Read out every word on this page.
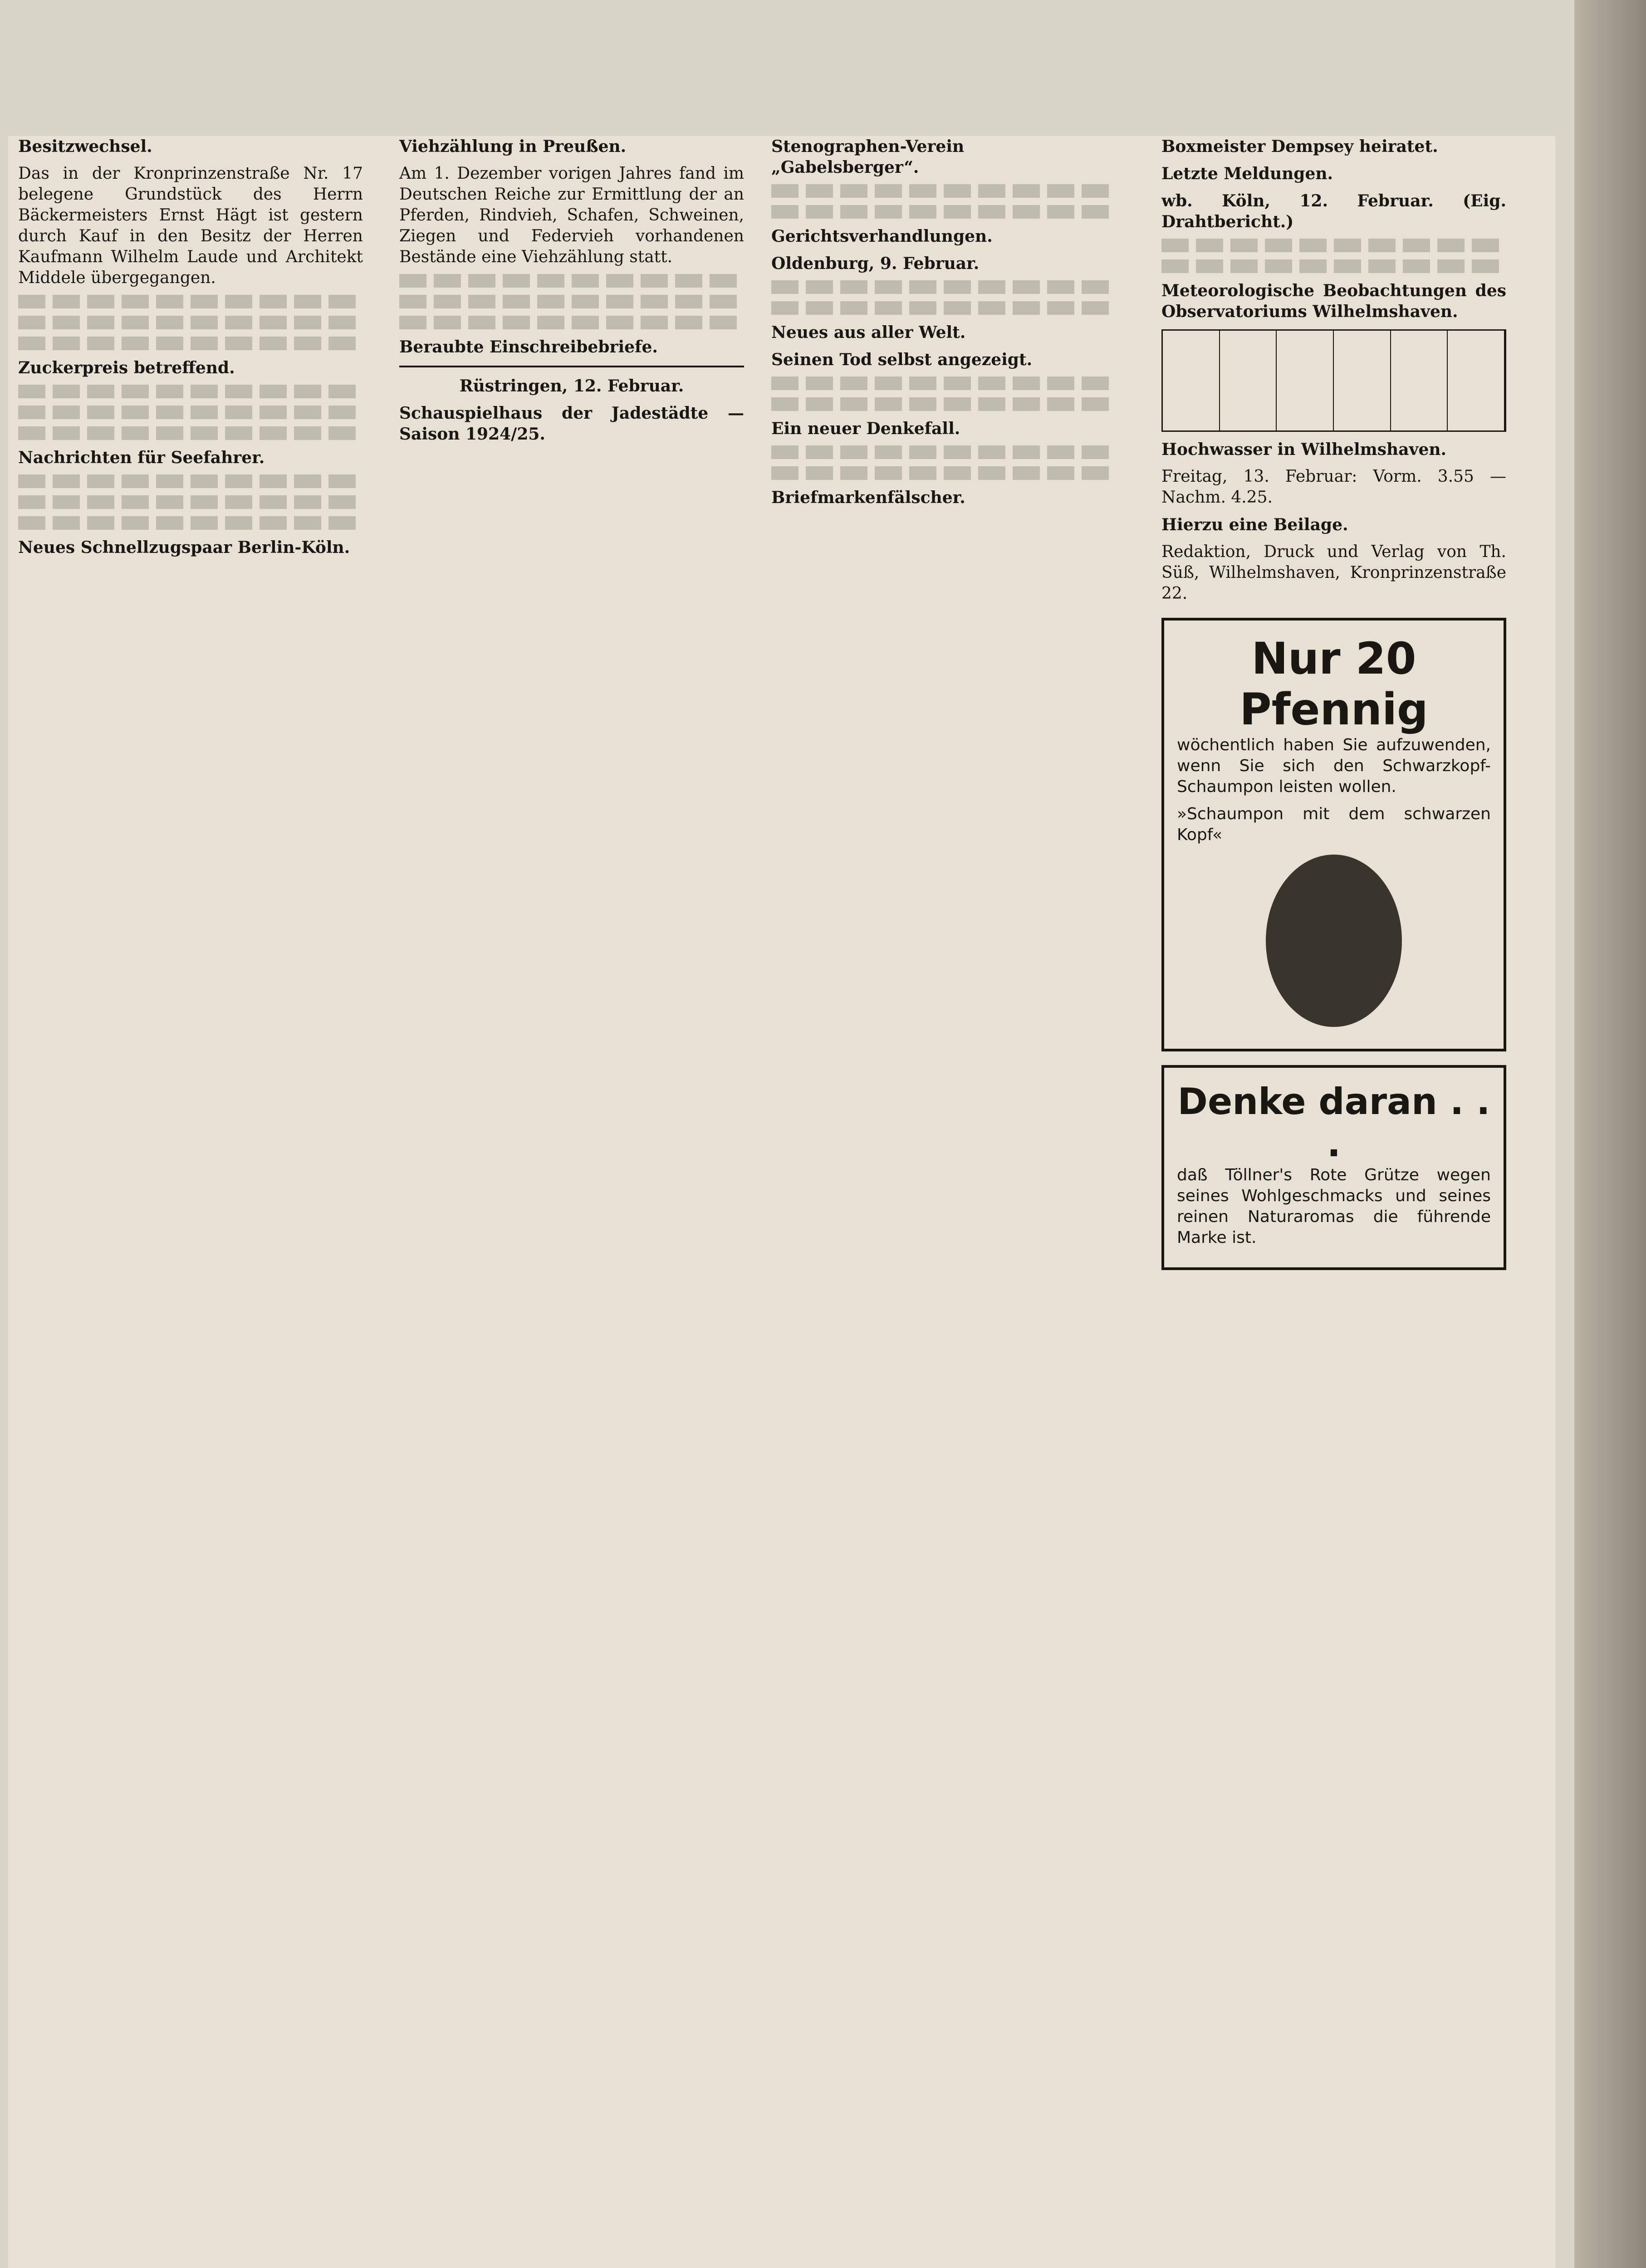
Besitzwechsel.

Das in der Kronprinzenstraße Nr. 17 belegene Grundstück des Herrn Bäckermeisters Ernst Hägt ist gestern durch Kauf in den Besitz der Herren Kaufmann Wilhelm Laude und Architekt Middele übergegangen.

Zuckerpreis betreffend.

Nachrichten für Seefahrer.

Neues Schnellzugspaar Berlin-Köln.

Viehzählung in Preußen.

Am 1. Dezember vorigen Jahres fand im Deutschen Reiche zur Ermittlung der an Pferden, Rindvieh, Schafen, Schweinen, Ziegen und Federvieh vorhandenen Bestände eine Viehzählung statt.

Beraubte Einschreibebriefe.

Rüstringen, 12. Februar.

Schauspielhaus der Jadestädte — Saison 1924/25.

Stenographen-Verein „Gabelsberger“.

Gerichtsverhandlungen.

Oldenburg, 9. Februar.

Neues aus aller Welt.

Seinen Tod selbst angezeigt.

Ein neuer Denkefall.

Briefmarkenfälscher.

Boxmeister Dempsey heiratet.

Letzte Meldungen.

wb. Köln, 12. Februar. (Eig. Drahtbericht.)

Meteorologische Beobachtungen des Observatoriums Wilhelmshaven.

Hochwasser in Wilhelmshaven.

Freitag, 13. Februar: Vorm. 3.55 — Nachm. 4.25.

Hierzu eine Beilage.

Redaktion, Druck und Verlag von Th. Süß, Wilhelmshaven, Kronprinzenstraße 22.

Nur 20 Pfennig

wöchentlich haben Sie aufzuwenden, wenn Sie sich den Schwarzkopf-Schaumpon leisten wollen.

»Schaumpon mit dem schwarzen Kopf«

Denke daran . . .

daß Töllner's Rote Grütze wegen seines Wohlgeschmacks und seines reinen Naturaromas die führende Marke ist.
